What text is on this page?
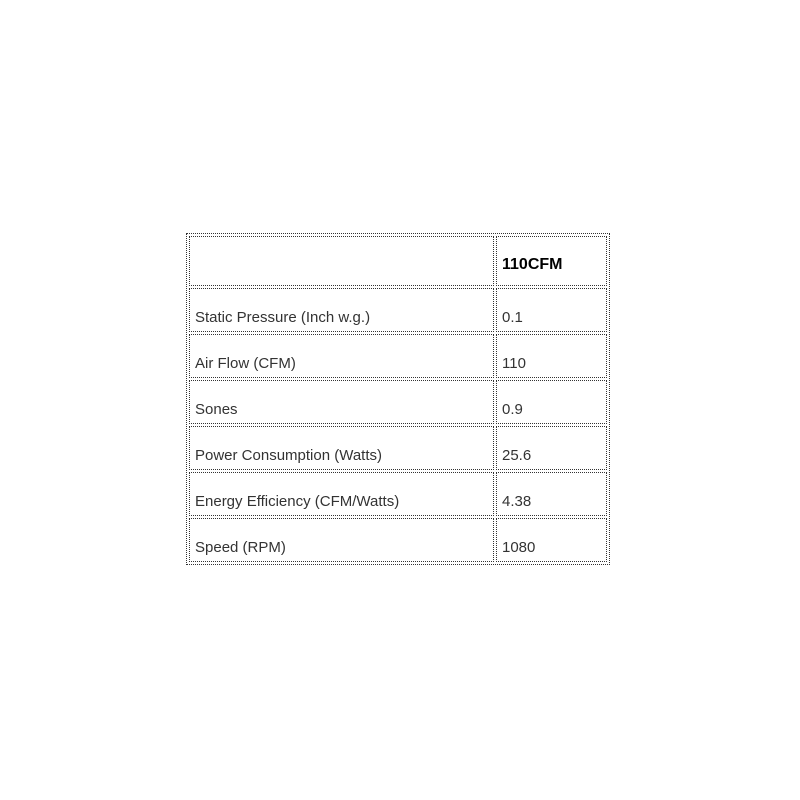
	110CFM
Static Pressure (Inch w.g.)	0.1
Air Flow (CFM)	110
Sones	0.9
Power Consumption (Watts)	25.6
Energy Efficiency (CFM/Watts)	4.38
Speed (RPM)	1080
